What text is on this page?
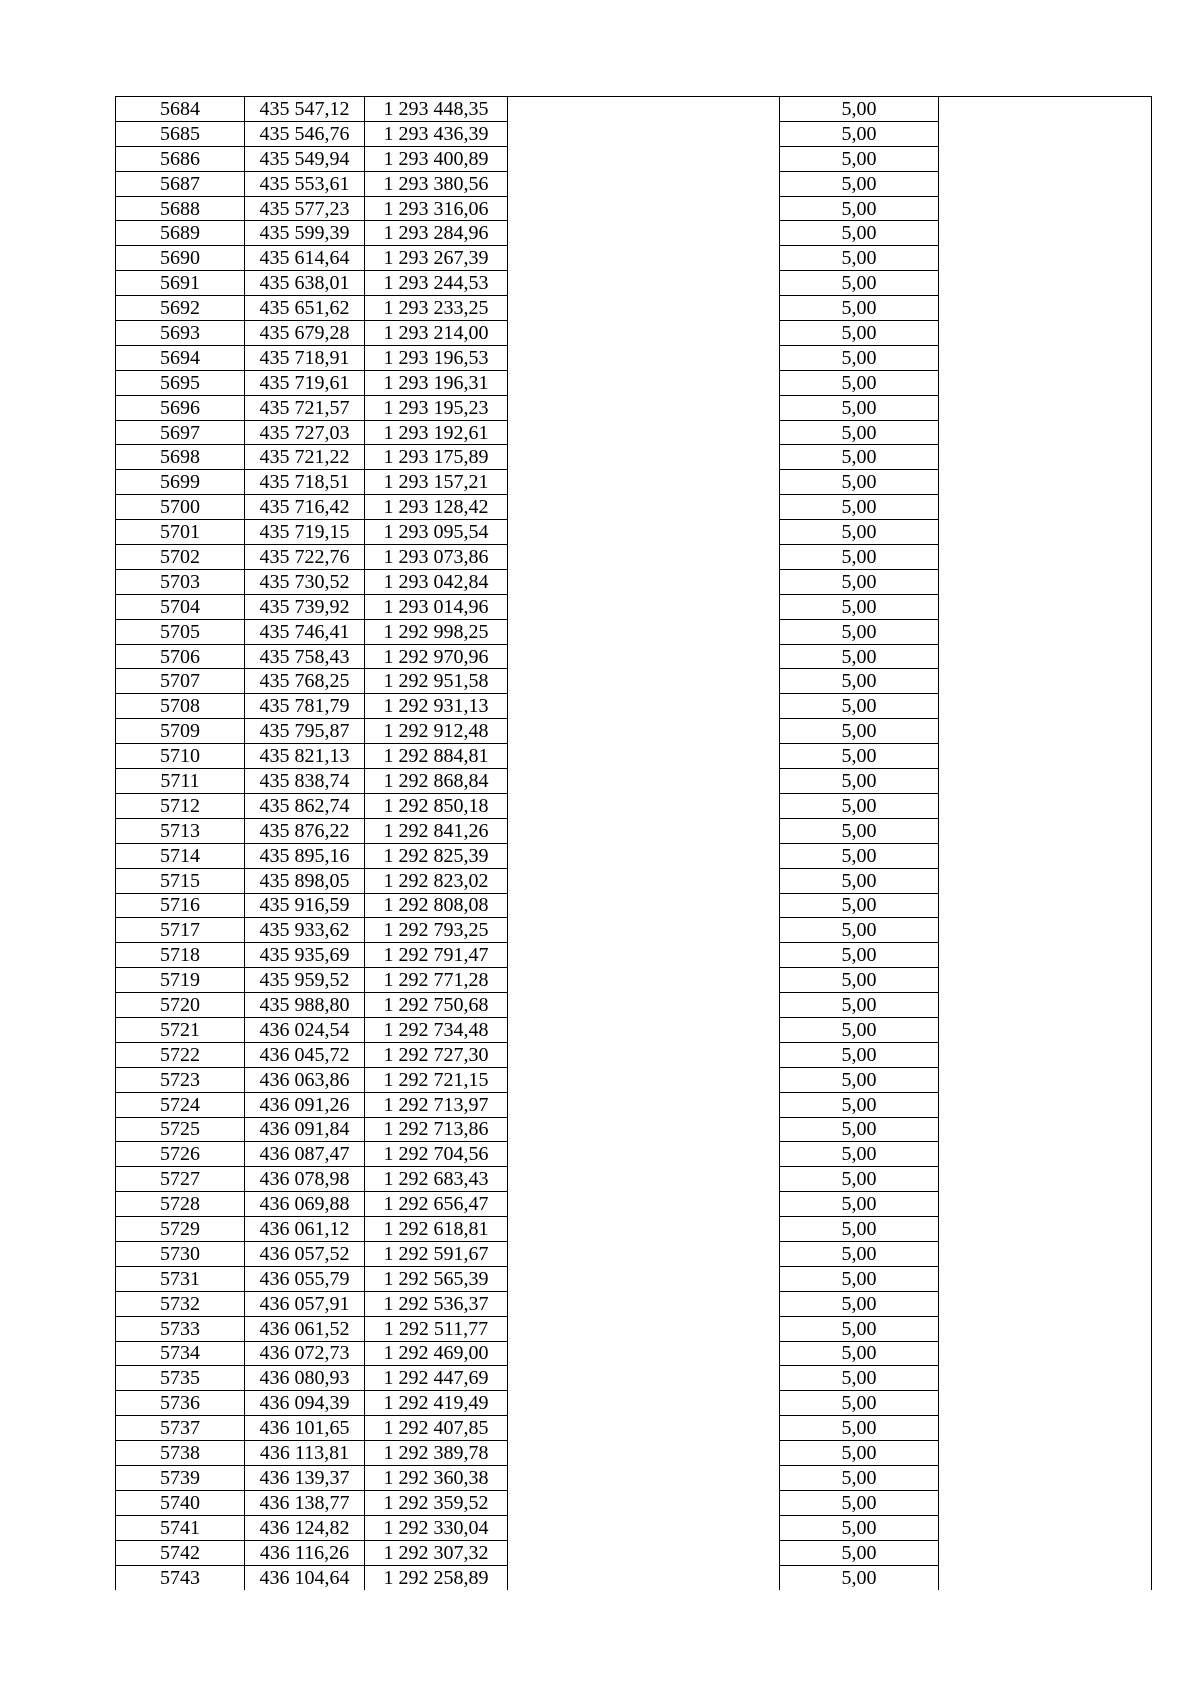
5684	435 547,12	1 293 448,35		5,00	
5685	435 546,76	1 293 436,39		5,00	
5686	435 549,94	1 293 400,89		5,00	
5687	435 553,61	1 293 380,56		5,00	
5688	435 577,23	1 293 316,06		5,00	
5689	435 599,39	1 293 284,96		5,00	
5690	435 614,64	1 293 267,39		5,00	
5691	435 638,01	1 293 244,53		5,00	
5692	435 651,62	1 293 233,25		5,00	
5693	435 679,28	1 293 214,00		5,00	
5694	435 718,91	1 293 196,53		5,00	
5695	435 719,61	1 293 196,31		5,00	
5696	435 721,57	1 293 195,23		5,00	
5697	435 727,03	1 293 192,61		5,00	
5698	435 721,22	1 293 175,89		5,00	
5699	435 718,51	1 293 157,21		5,00	
5700	435 716,42	1 293 128,42		5,00	
5701	435 719,15	1 293 095,54		5,00	
5702	435 722,76	1 293 073,86		5,00	
5703	435 730,52	1 293 042,84		5,00	
5704	435 739,92	1 293 014,96		5,00	
5705	435 746,41	1 292 998,25		5,00	
5706	435 758,43	1 292 970,96		5,00	
5707	435 768,25	1 292 951,58		5,00	
5708	435 781,79	1 292 931,13		5,00	
5709	435 795,87	1 292 912,48		5,00	
5710	435 821,13	1 292 884,81		5,00	
5711	435 838,74	1 292 868,84		5,00	
5712	435 862,74	1 292 850,18		5,00	
5713	435 876,22	1 292 841,26		5,00	
5714	435 895,16	1 292 825,39		5,00	
5715	435 898,05	1 292 823,02		5,00	
5716	435 916,59	1 292 808,08		5,00	
5717	435 933,62	1 292 793,25		5,00	
5718	435 935,69	1 292 791,47		5,00	
5719	435 959,52	1 292 771,28		5,00	
5720	435 988,80	1 292 750,68		5,00	
5721	436 024,54	1 292 734,48		5,00	
5722	436 045,72	1 292 727,30		5,00	
5723	436 063,86	1 292 721,15		5,00	
5724	436 091,26	1 292 713,97		5,00	
5725	436 091,84	1 292 713,86		5,00	
5726	436 087,47	1 292 704,56		5,00	
5727	436 078,98	1 292 683,43		5,00	
5728	436 069,88	1 292 656,47		5,00	
5729	436 061,12	1 292 618,81		5,00	
5730	436 057,52	1 292 591,67		5,00	
5731	436 055,79	1 292 565,39		5,00	
5732	436 057,91	1 292 536,37		5,00	
5733	436 061,52	1 292 511,77		5,00	
5734	436 072,73	1 292 469,00		5,00	
5735	436 080,93	1 292 447,69		5,00	
5736	436 094,39	1 292 419,49		5,00	
5737	436 101,65	1 292 407,85		5,00	
5738	436 113,81	1 292 389,78		5,00	
5739	436 139,37	1 292 360,38		5,00	
5740	436 138,77	1 292 359,52		5,00	
5741	436 124,82	1 292 330,04		5,00	
5742	436 116,26	1 292 307,32		5,00	
5743	436 104,64	1 292 258,89		5,00	
